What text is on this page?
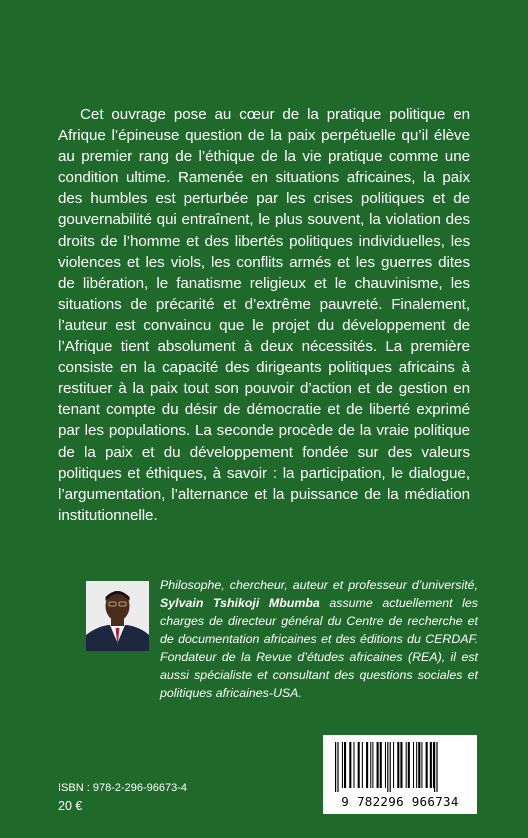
Cet ouvrage pose au cœur de la pratique politique en Afrique l’épineuse question de la paix perpétuelle qu’il élève au premier rang de l’éthique de la vie pratique comme une condition ultime. Ramenée en situations africaines, la paix des humbles est perturbée par les crises politiques et de gouvernabilité qui entraînent, le plus souvent, la violation des droits de l’homme et des libertés politiques individuelles, les violences et les viols, les conflits armés et les guerres dites de libération, le fanatisme religieux et le chauvinisme, les situations de précarité et d’extrême pauvreté. Finalement, l’auteur est convaincu que le projet du développement de l’Afrique tient absolument à deux nécessités. La première consiste en la capacité des dirigeants politiques africains à restituer à la paix tout son pouvoir d’action et de gestion en tenant compte du désir de démocratie et de liberté exprimé par les populations. La seconde procède de la vraie politique de la paix et du développement fondée sur des valeurs politiques et éthiques, à savoir : la participation, le dialogue, l’argumentation, l’alternance et la puissance de la médiation institutionnelle.

Philosophe, chercheur, auteur et professeur d’université, Sylvain Tshikoji Mbumba assume actuellement les charges de directeur général du Centre de recherche et de documentation africaines et des éditions du CERDAF. Fondateur de la Revue d’études africaines (REA), il est aussi spécialiste et consultant des questions sociales et politiques africaines-USA.
ISBN : 978-2-296-96673-4
20 €	9 782296 966734
